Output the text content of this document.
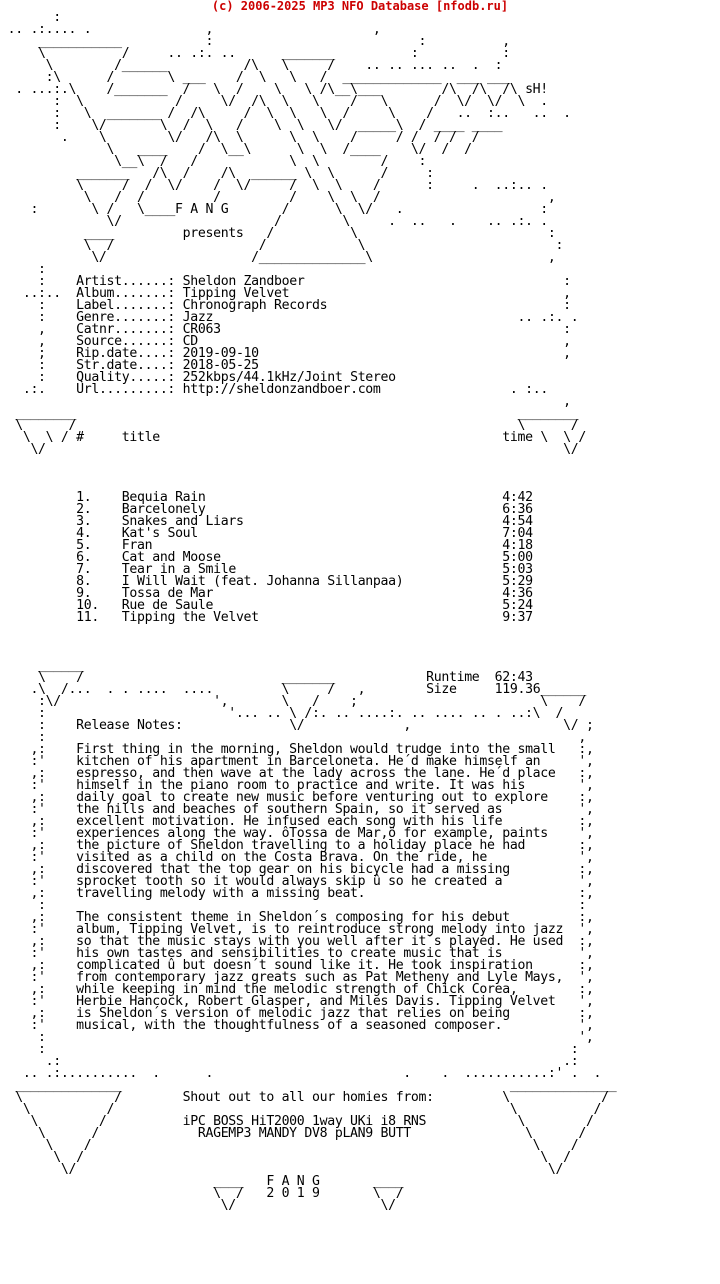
(c) 2006-2025 MP3 NFO Database [nfodb.ru]
:
.. .:.... .               ,                     ,
___________           :                           :          ,
\          /     .. .:. ..      _______          :           :
\        /______          /\   \     /    .. .. ... ..  .  :
:\      /       \ ___    /  \   \   /  _____________  ___ ___
. ...:.\    /_______  /   \  /    \   \ /\__\___        /\  /\  /\ sH!
:  \            /     \/  /\  \   \    /   \      /  \/  \/  \  .
:   \  _______ /  /\     /  \  \   \  /     \    /   ..  :..   ..  .
:    \/       \  /  \   /    \  \   \/  _____\  / ____ ____
.    \        \/   /\  \      \  \    /     / /  / /  /
\   ____    /  \__\      \  \  /____    \/  /  /
\__\  /   /            \  \        /    :
_______   /\  /    /\  ______ \  \      /     :
\     /  /  \/    /  \/     /  \  \    /      :     .  ..:.. .
\   /  /         /         /    \  \  /                      ,
:       \ /   \____F A N G       /      \  \/   .                  :
\/                    /        \     .  ..   .    .. .:. .
____         presents   /          \                         :
\  /                   /            \                         :
\/                   /______________\                       ,
:
:    Artist......: Sheldon Zandboer                                  :
..:..  Album.......: Tipping Velvet                                    ,
:    Label.......: Chronograph Records                               :
:    Genre.......: Jazz                                        .. .:. .
,    Catnr.......: CR063                                             :
,    Source......: CD                                                ,
;    Rip.date....: 2019-09-10                                        ,
:    Str.date....: 2018-05-25
:    Quality.....: 252kbps/44.1kHz/Joint Stereo
.:.    Url.........: http://sheldonzandboer.com                 . :..
,
________                                                          ________
\      /                                                          \      /
\  \ / #	title	time \  \ /
\/                                                                    \/

1. Bequia Rain	4:42
2. Barcelonely	6:36
3. Snakes and Liars	4:54
4. Kat's Soul	7:04
5. Fran	4:18
6. Cat and Moose	5:00
7. Tear in a Smile	5:03
8. I Will Wait (feat. Johanna Sillanpaa)	5:29
9. Tossa de Mar	4:36
10. Rue de Saule	5:24
11. Tipping the Velvet	9:37

______
\    /                          _______            Runtime 62:43
.\  /...  . . ....  ....         \     /   ,        Size	119.36______
:\/                    ',       \   /    ;                        \    /
:                        '... .. \ /:. .. ....:. .. .... .. . ..:\  /
:    Release Notes:              \/             ,                    \/ ;
:                                                                      ,
,:    First thing in the morning, Sheldon would trudge into the small   :,
:'    kitchen of his apartment in Barceloneta. He´d make himself an     ',
,:    espresso, and then wave at the lady across the lane. He´d place   :,
:'    himself in the piano room to practice and write. It was his       ',
,:    daily goal to create new music before venturing out to explore    :,
:'    the hills and beaches of southern Spain, so it served as          ',
,:    excellent motivation. He infused each song with his life          :,
:'    experiences along the way. ôTossa de Mar,ö for example, paints    ',
,:    the picture of Sheldon travelling to a holiday place he had       :,
:'    visited as a child on the Costa Brava. On the ride, he            ',
,:    discovered that the top gear on his bicycle had a missing         :,
:'    sprocket tooth so it would always skip û so he created a          ',
,:    travelling melody with a missing beat.                            :,
:                                                                      :
,:    The consistent theme in Sheldon´s composing for his debut         :,
:'    album, Tipping Velvet, is to reintroduce strong melody into jazz  ',
,:    so that the music stays with you well after it´s played. He used  :,
:'    his own tastes and sensibilities to create music that is          ',
,:    complicated û but doesn´t sound like it. He took inspiration      :,
:'    from contemporary jazz greats such as Pat Metheny and Lyle Mays,  ',
,:    while keeping in mind the melodic strength of Chick Corea,        :,
:'    Herbie Hancock, Robert Glasper, and Miles Davis. Tipping Velvet   ',
,:    is Sheldon´s version of melodic jazz that relies on being         :,
:'    musical, with the thoughtfulness of a seasoned composer.          ',
:                                                                      ',
:                                                                     :
.:                                                                  .:
.. .:..........  .      .                         .    .  ...........:' .  .
______________                                                   ______________
\            /        Shout out to all our homies from:         \            /
\          /                                                    \          /
\        /          iPC BOSS HiT2000 1way UKi i8 RNS            \        /
\      /             RAGEMP3 MANDY DV8 pLAN9 BUTT               \      /
\    /                                                          \    /
\  /                                                            \  /
\/                                                              \/
____   F A N G       ____
\  /   2 0 1 9       \  /
\/                   \/
